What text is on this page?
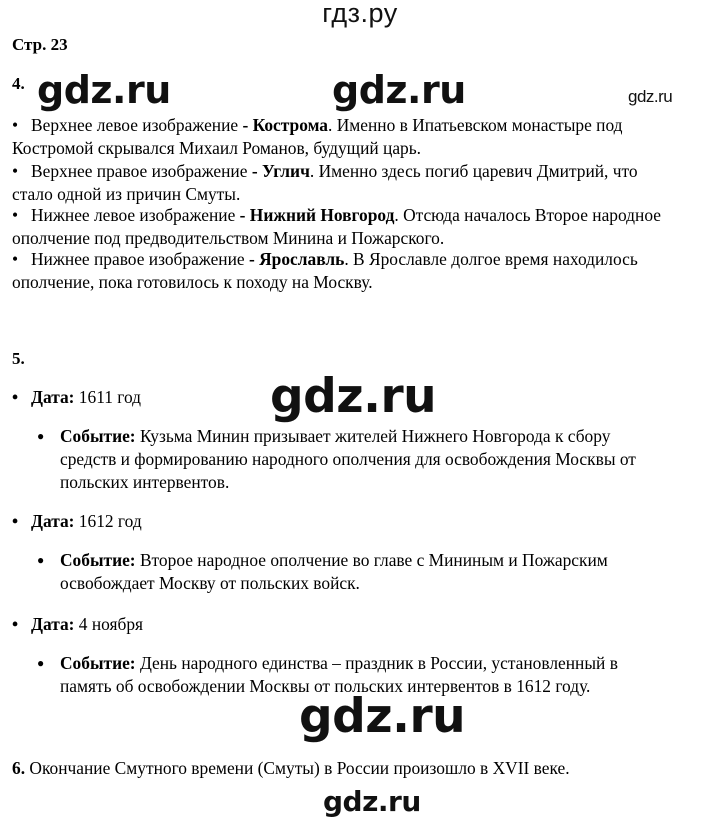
гдз.ру
Стр. 23
4. gdz.ru	gdz.ru	gdz.ru
• Верхнее левое изображение - Кострома. Именно в Ипатьевском монастыре под
Костромой скрывался Михаил Романов, будущий царь.
• Верхнее правое изображение - Углич. Именно здесь погиб царевич Дмитрий, что
стало одной из причин Смуты.
• Нижнее левое изображение - Нижний Новгород. Отсюда началось Второе народное
ополчение под предводительством Минина и Пожарского.
• Нижнее правое изображение - Ярославль. В Ярославле долгое время находилось
ополчение, пока готовилось к походу на Москву.
5.
• Дата: 1611 год	gdz.ru
● Событие: Кузьма Минин призывает жителей Нижнего Новгорода к сбору
средств и формированию народного ополчения для освобождения Москвы от
польских интервентов.
• Дата: 1612 год
● Событие: Второе народное ополчение во главе с Мининым и Пожарским
освобождает Москву от польских войск.
• Дата: 4 ноября
● Событие: День народного единства – праздник в России, установленный в
память об освобождении Москвы от польских интервентов в 1612 году.
gdz.ru
6. Окончание Смутного времени (Смуты) в России произошло в XVII веке.
gdz.ru
